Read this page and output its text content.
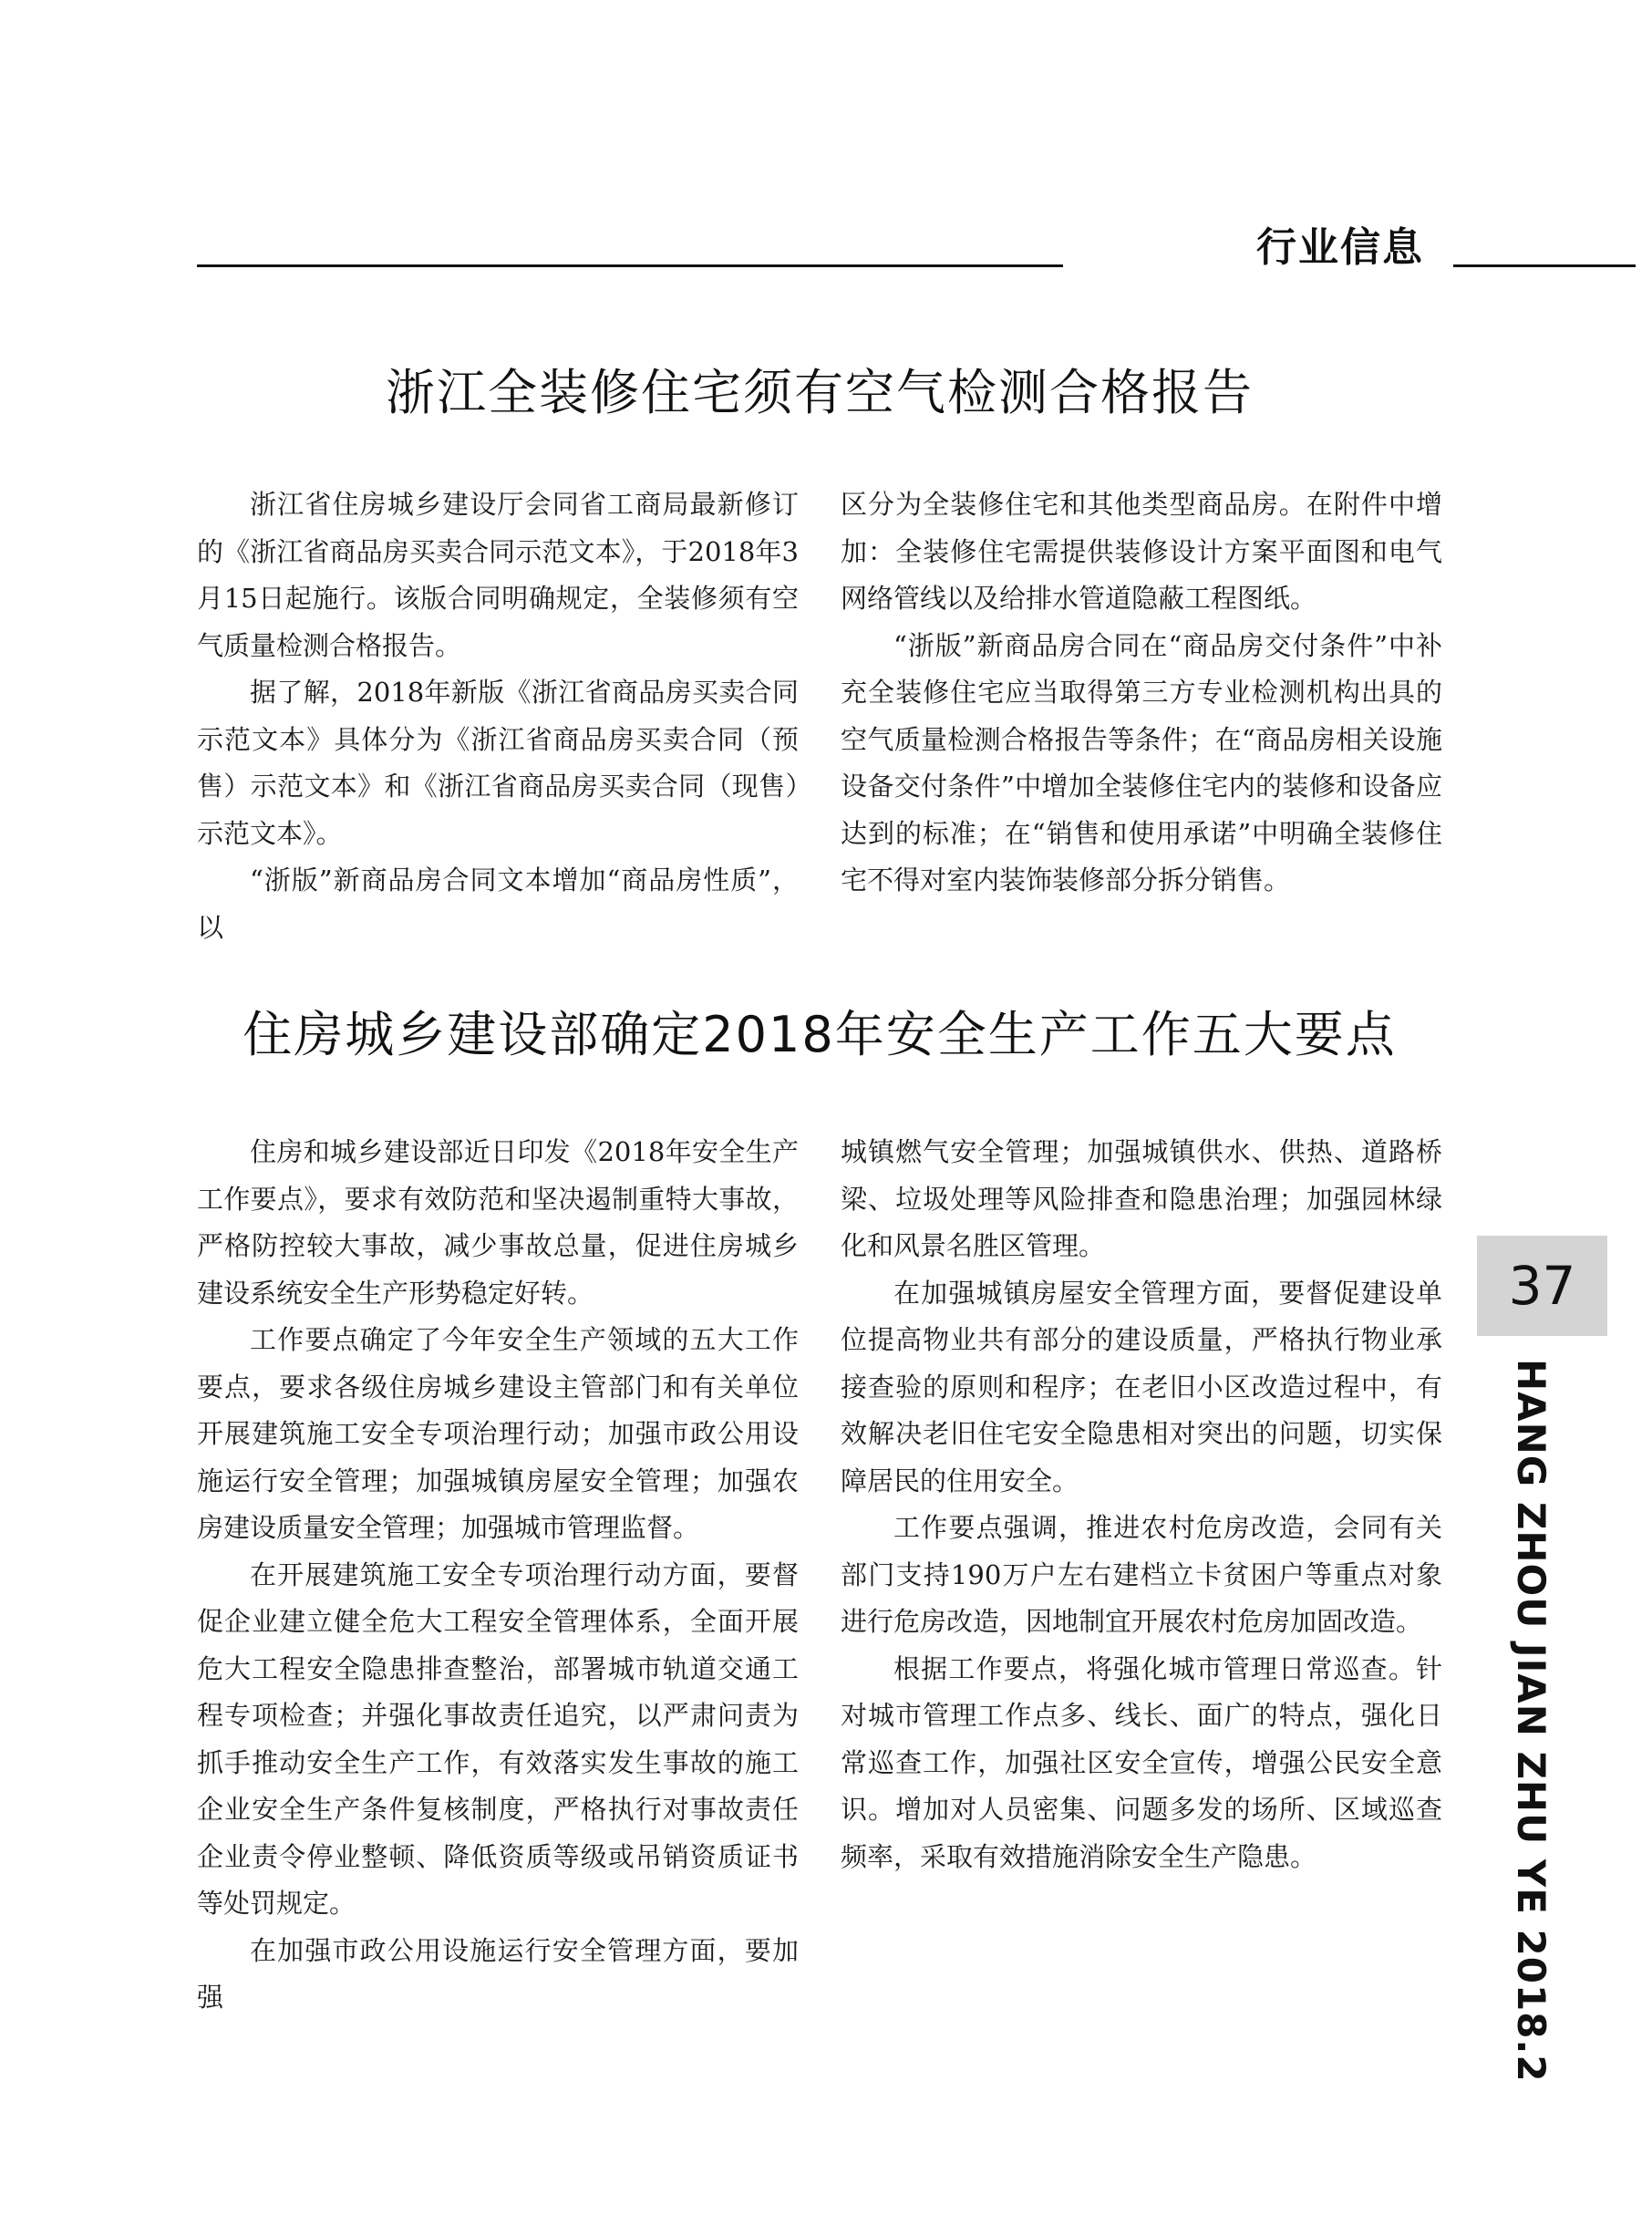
行业信息
浙江全装修住宅须有空气检测合格报告

浙江省住房城乡建设厅会同省工商局最新修订的《浙江省商品房买卖合同示范文本》，于2018年3月15日起施行。该版合同明确规定，全装修须有空气质量检测合格报告。

据了解，2018年新版《浙江省商品房买卖合同示范文本》具体分为《浙江省商品房买卖合同（预售）示范文本》和《浙江省商品房买卖合同（现售）示范文本》。

“浙版”新商品房合同文本增加“商品房性质”，以

区分为全装修住宅和其他类型商品房。在附件中增加：全装修住宅需提供装修设计方案平面图和电气网络管线以及给排水管道隐蔽工程图纸。

“浙版”新商品房合同在“商品房交付条件”中补充全装修住宅应当取得第三方专业检测机构出具的空气质量检测合格报告等条件；在“商品房相关设施设备交付条件”中增加全装修住宅内的装修和设备应达到的标准；在“销售和使用承诺”中明确全装修住宅不得对室内装饰装修部分拆分销售。

住房城乡建设部确定2018年安全生产工作五大要点

住房和城乡建设部近日印发《2018年安全生产工作要点》，要求有效防范和坚决遏制重特大事故，严格防控较大事故，减少事故总量，促进住房城乡建设系统安全生产形势稳定好转。

工作要点确定了今年安全生产领域的五大工作要点，要求各级住房城乡建设主管部门和有关单位开展建筑施工安全专项治理行动；加强市政公用设施运行安全管理；加强城镇房屋安全管理；加强农房建设质量安全管理；加强城市管理监督。

在开展建筑施工安全专项治理行动方面，要督促企业建立健全危大工程安全管理体系，全面开展危大工程安全隐患排查整治，部署城市轨道交通工程专项检查；并强化事故责任追究，以严肃问责为抓手推动安全生产工作，有效落实发生事故的施工企业安全生产条件复核制度，严格执行对事故责任企业责令停业整顿、降低资质等级或吊销资质证书等处罚规定。

在加强市政公用设施运行安全管理方面，要加强

城镇燃气安全管理；加强城镇供水、供热、道路桥梁、垃圾处理等风险排查和隐患治理；加强园林绿化和风景名胜区管理。

在加强城镇房屋安全管理方面，要督促建设单位提高物业共有部分的建设质量，严格执行物业承接查验的原则和程序；在老旧小区改造过程中，有效解决老旧住宅安全隐患相对突出的问题，切实保障居民的住用安全。

工作要点强调，推进农村危房改造，会同有关部门支持190万户左右建档立卡贫困户等重点对象进行危房改造，因地制宜开展农村危房加固改造。

根据工作要点，将强化城市管理日常巡查。针对城市管理工作点多、线长、面广的特点，强化日常巡查工作，加强社区安全宣传，增强公民安全意识。增加对人员密集、问题多发的场所、区域巡查频率，采取有效措施消除安全生产隐患。

37
HANG ZHOU JIAN ZHU YE 2018.2
